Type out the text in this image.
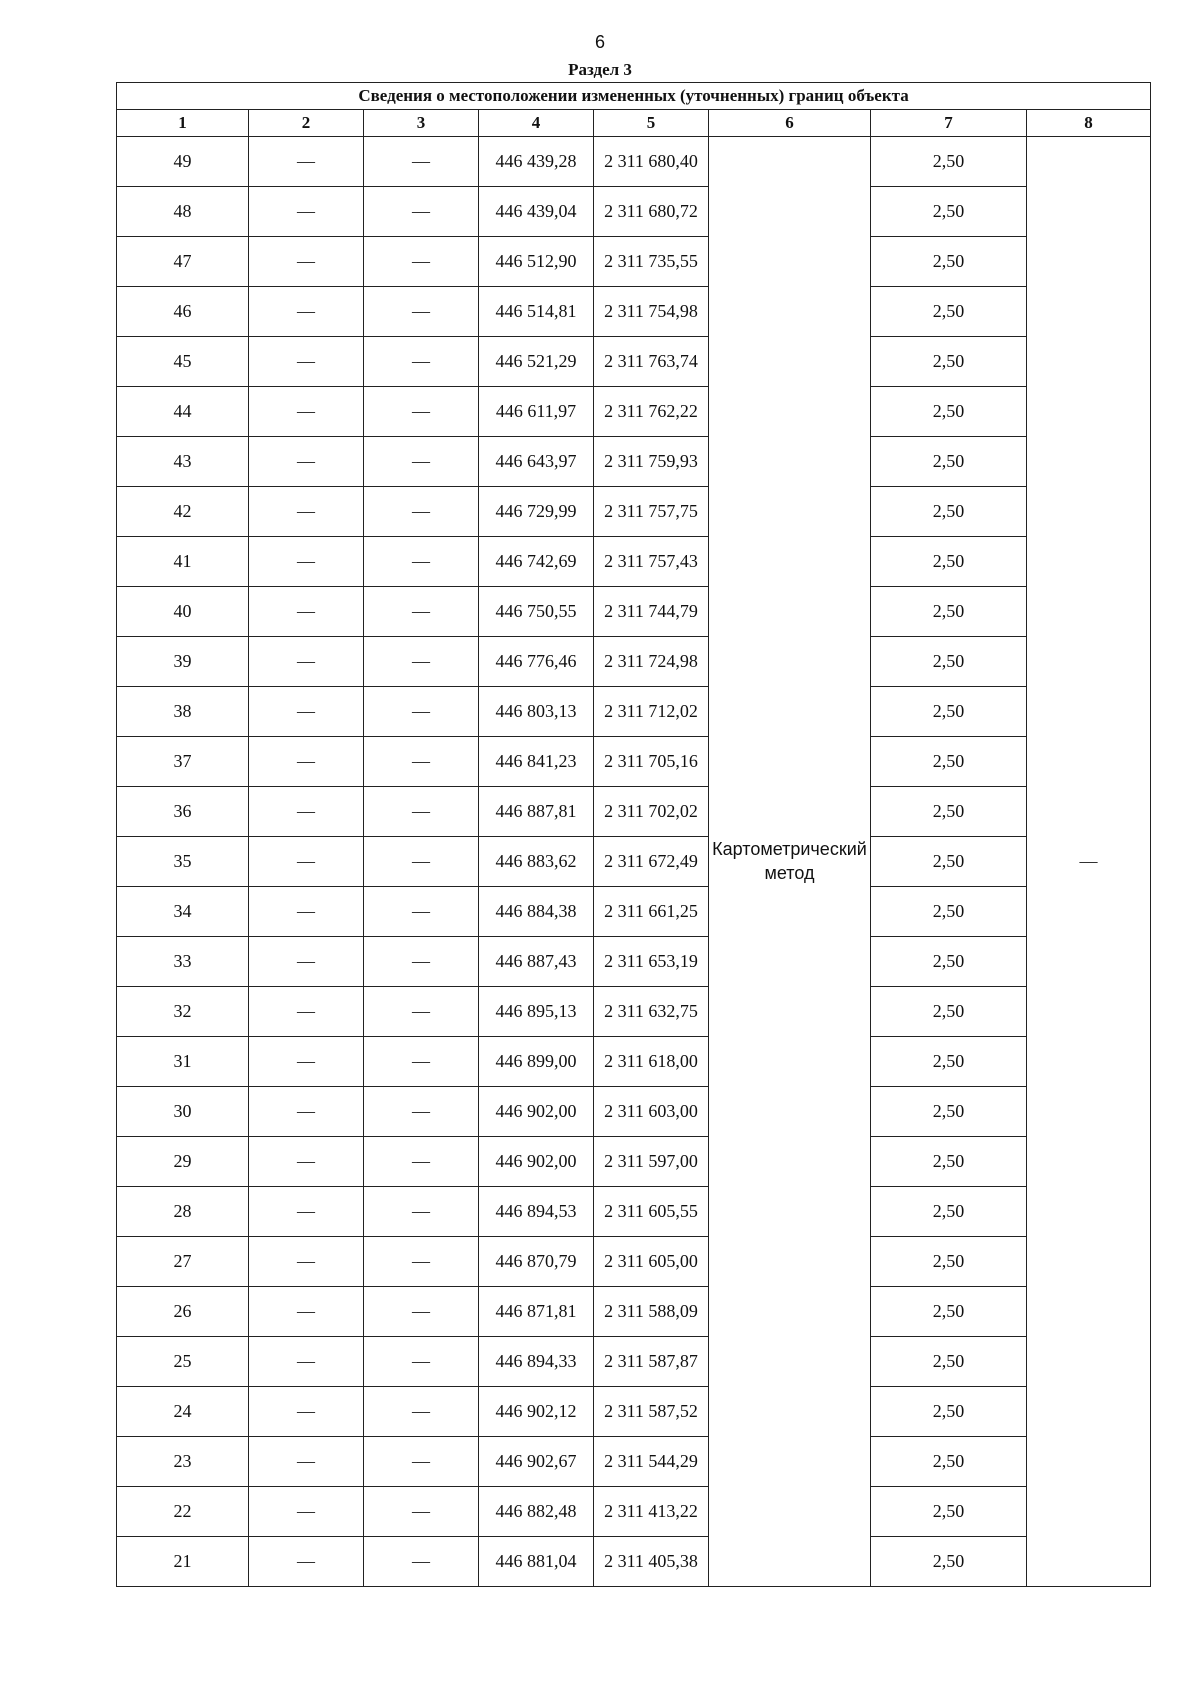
6
Раздел 3
Сведения о местоположении измененных (уточненных) границ объекта							
1	2	3	4	5	6	7	8
49	—	—	446 439,28	2 311 680,40	Картометрический метод	2,50	—
48	—	—	446 439,04	2 311 680,72		2,50	
47	—	—	446 512,90	2 311 735,55		2,50	
46	—	—	446 514,81	2 311 754,98		2,50	
45	—	—	446 521,29	2 311 763,74		2,50	
44	—	—	446 611,97	2 311 762,22		2,50	
43	—	—	446 643,97	2 311 759,93		2,50	
42	—	—	446 729,99	2 311 757,75		2,50	
41	—	—	446 742,69	2 311 757,43		2,50	
40	—	—	446 750,55	2 311 744,79		2,50	
39	—	—	446 776,46	2 311 724,98		2,50	
38	—	—	446 803,13	2 311 712,02		2,50	
37	—	—	446 841,23	2 311 705,16		2,50	
36	—	—	446 887,81	2 311 702,02		2,50	
35	—	—	446 883,62	2 311 672,49		2,50	
34	—	—	446 884,38	2 311 661,25		2,50	
33	—	—	446 887,43	2 311 653,19		2,50	
32	—	—	446 895,13	2 311 632,75		2,50	
31	—	—	446 899,00	2 311 618,00		2,50	
30	—	—	446 902,00	2 311 603,00		2,50	
29	—	—	446 902,00	2 311 597,00		2,50	
28	—	—	446 894,53	2 311 605,55		2,50	
27	—	—	446 870,79	2 311 605,00		2,50	
26	—	—	446 871,81	2 311 588,09		2,50	
25	—	—	446 894,33	2 311 587,87		2,50	
24	—	—	446 902,12	2 311 587,52		2,50	
23	—	—	446 902,67	2 311 544,29		2,50	
22	—	—	446 882,48	2 311 413,22		2,50	
21	—	—	446 881,04	2 311 405,38		2,50	
